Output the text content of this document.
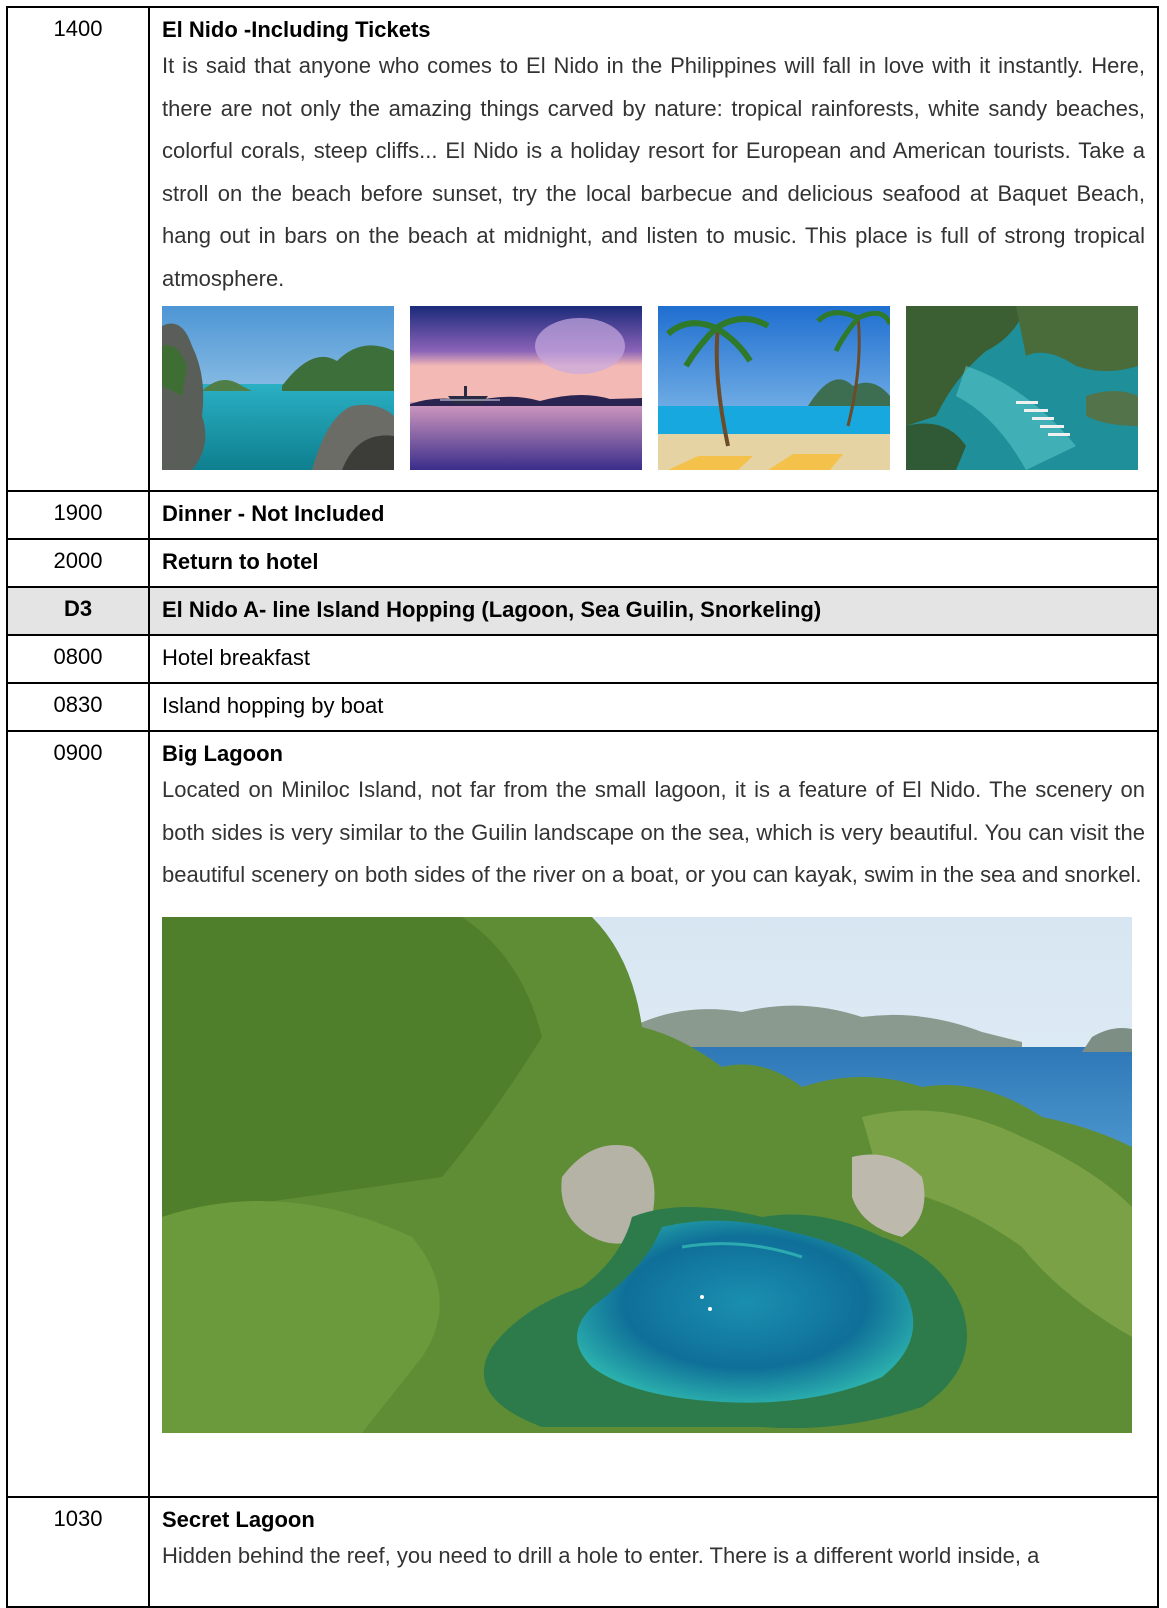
1400	El Nido -Including Tickets
It is said that anyone who comes to El Nido in the Philippines will fall in love with it instantly. Here, there are not only the amazing things carved by nature: tropical rainforests, white sandy beaches, colorful corals, steep cliffs... El Nido is a holiday resort for European and American tourists. Take a stroll on the beach before sunset, try the local barbecue and delicious seafood at Baquet Beach, hang out in bars on the beach at midnight, and listen to music. This place is full of strong tropical atmosphere.

1900	Dinner - Not Included

2000	Return to hotel

D3	El Nido A- line Island Hopping (Lagoon, Sea Guilin, Snorkeling)

0800	Hotel breakfast

0830	Island hopping by boat

0900	Big Lagoon
Located on Miniloc Island, not far from the small lagoon, it is a feature of El Nido. The scenery on both sides is very similar to the Guilin landscape on the sea, which is very beautiful. You can visit the beautiful scenery on both sides of the river on a boat, or you can kayak, swim in the sea and snorkel.

1030	Secret Lagoon
Hidden behind the reef, you need to drill a hole to enter. There is a different world inside, a
